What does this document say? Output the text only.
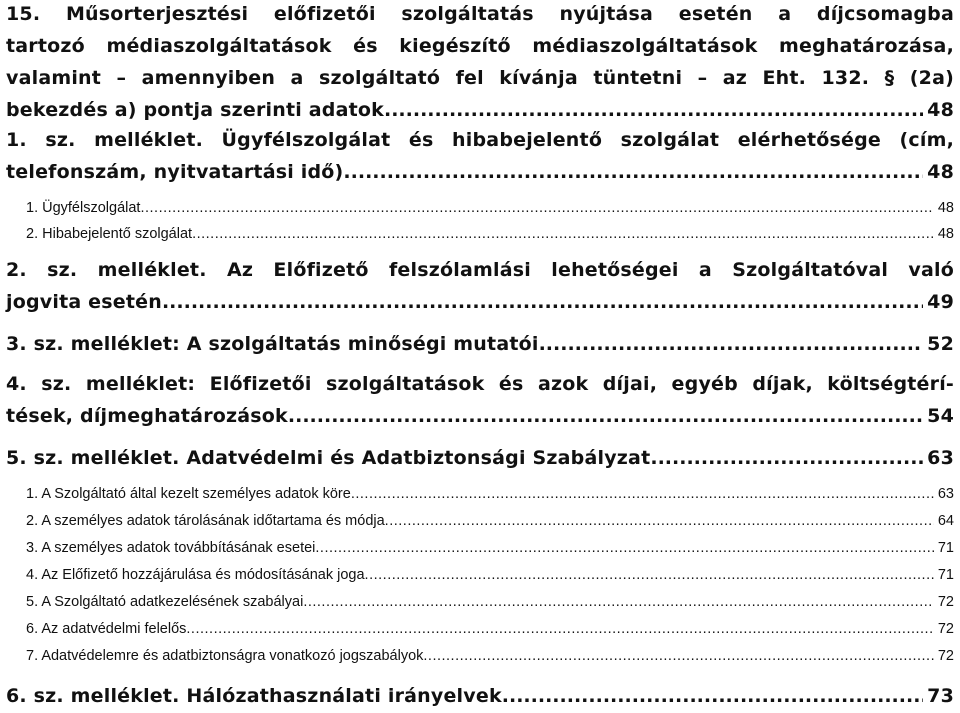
15. Műsorterjesztési előfizetői szolgáltatás nyújtása esetén a díjcsomagba
tartozó médiaszolgáltatások és kiegészítő médiaszolgáltatások meghatározása,
valamint – amennyiben a szolgáltató fel kívánja tüntetni – az Eht. 132. § (2a)
bekezdés a) pontja szerinti adatok .....	48
1. sz. melléklet. Ügyfélszolgálat és hibabejelentő szolgálat elérhetősége (cím,
telefonszám, nyitvatartási idő) .....	48
1. Ügyfélszolgálat .....	48
2. Hibabejelentő szolgálat .....	48
2. sz. melléklet. Az Előfizető felszólamlási lehetőségei a Szolgáltatóval való
jogvita esetén .....	49
3. sz. melléklet: A szolgáltatás minőségi mutatói .....	52
4. sz. melléklet: Előfizetői szolgáltatások és azok díjai, egyéb díjak, költségtérí-
tések, díjmeghatározások .....	54
5. sz. melléklet. Adatvédelmi és Adatbiztonsági Szabályzat .....	63
1. A Szolgáltató által kezelt személyes adatok köre .....	63
2. A személyes adatok tárolásának időtartama és módja .....	64
3. A személyes adatok továbbításának esetei .....	71
4. Az Előfizető hozzájárulása és módosításának joga .....	71
5. A Szolgáltató adatkezelésének szabályai .....	72
6. Az adatvédelmi felelős .....	72
7. Adatvédelemre és adatbiztonságra vonatkozó jogszabályok .....	72
6. sz. melléklet. Hálózathasználati irányelvek .....	73
